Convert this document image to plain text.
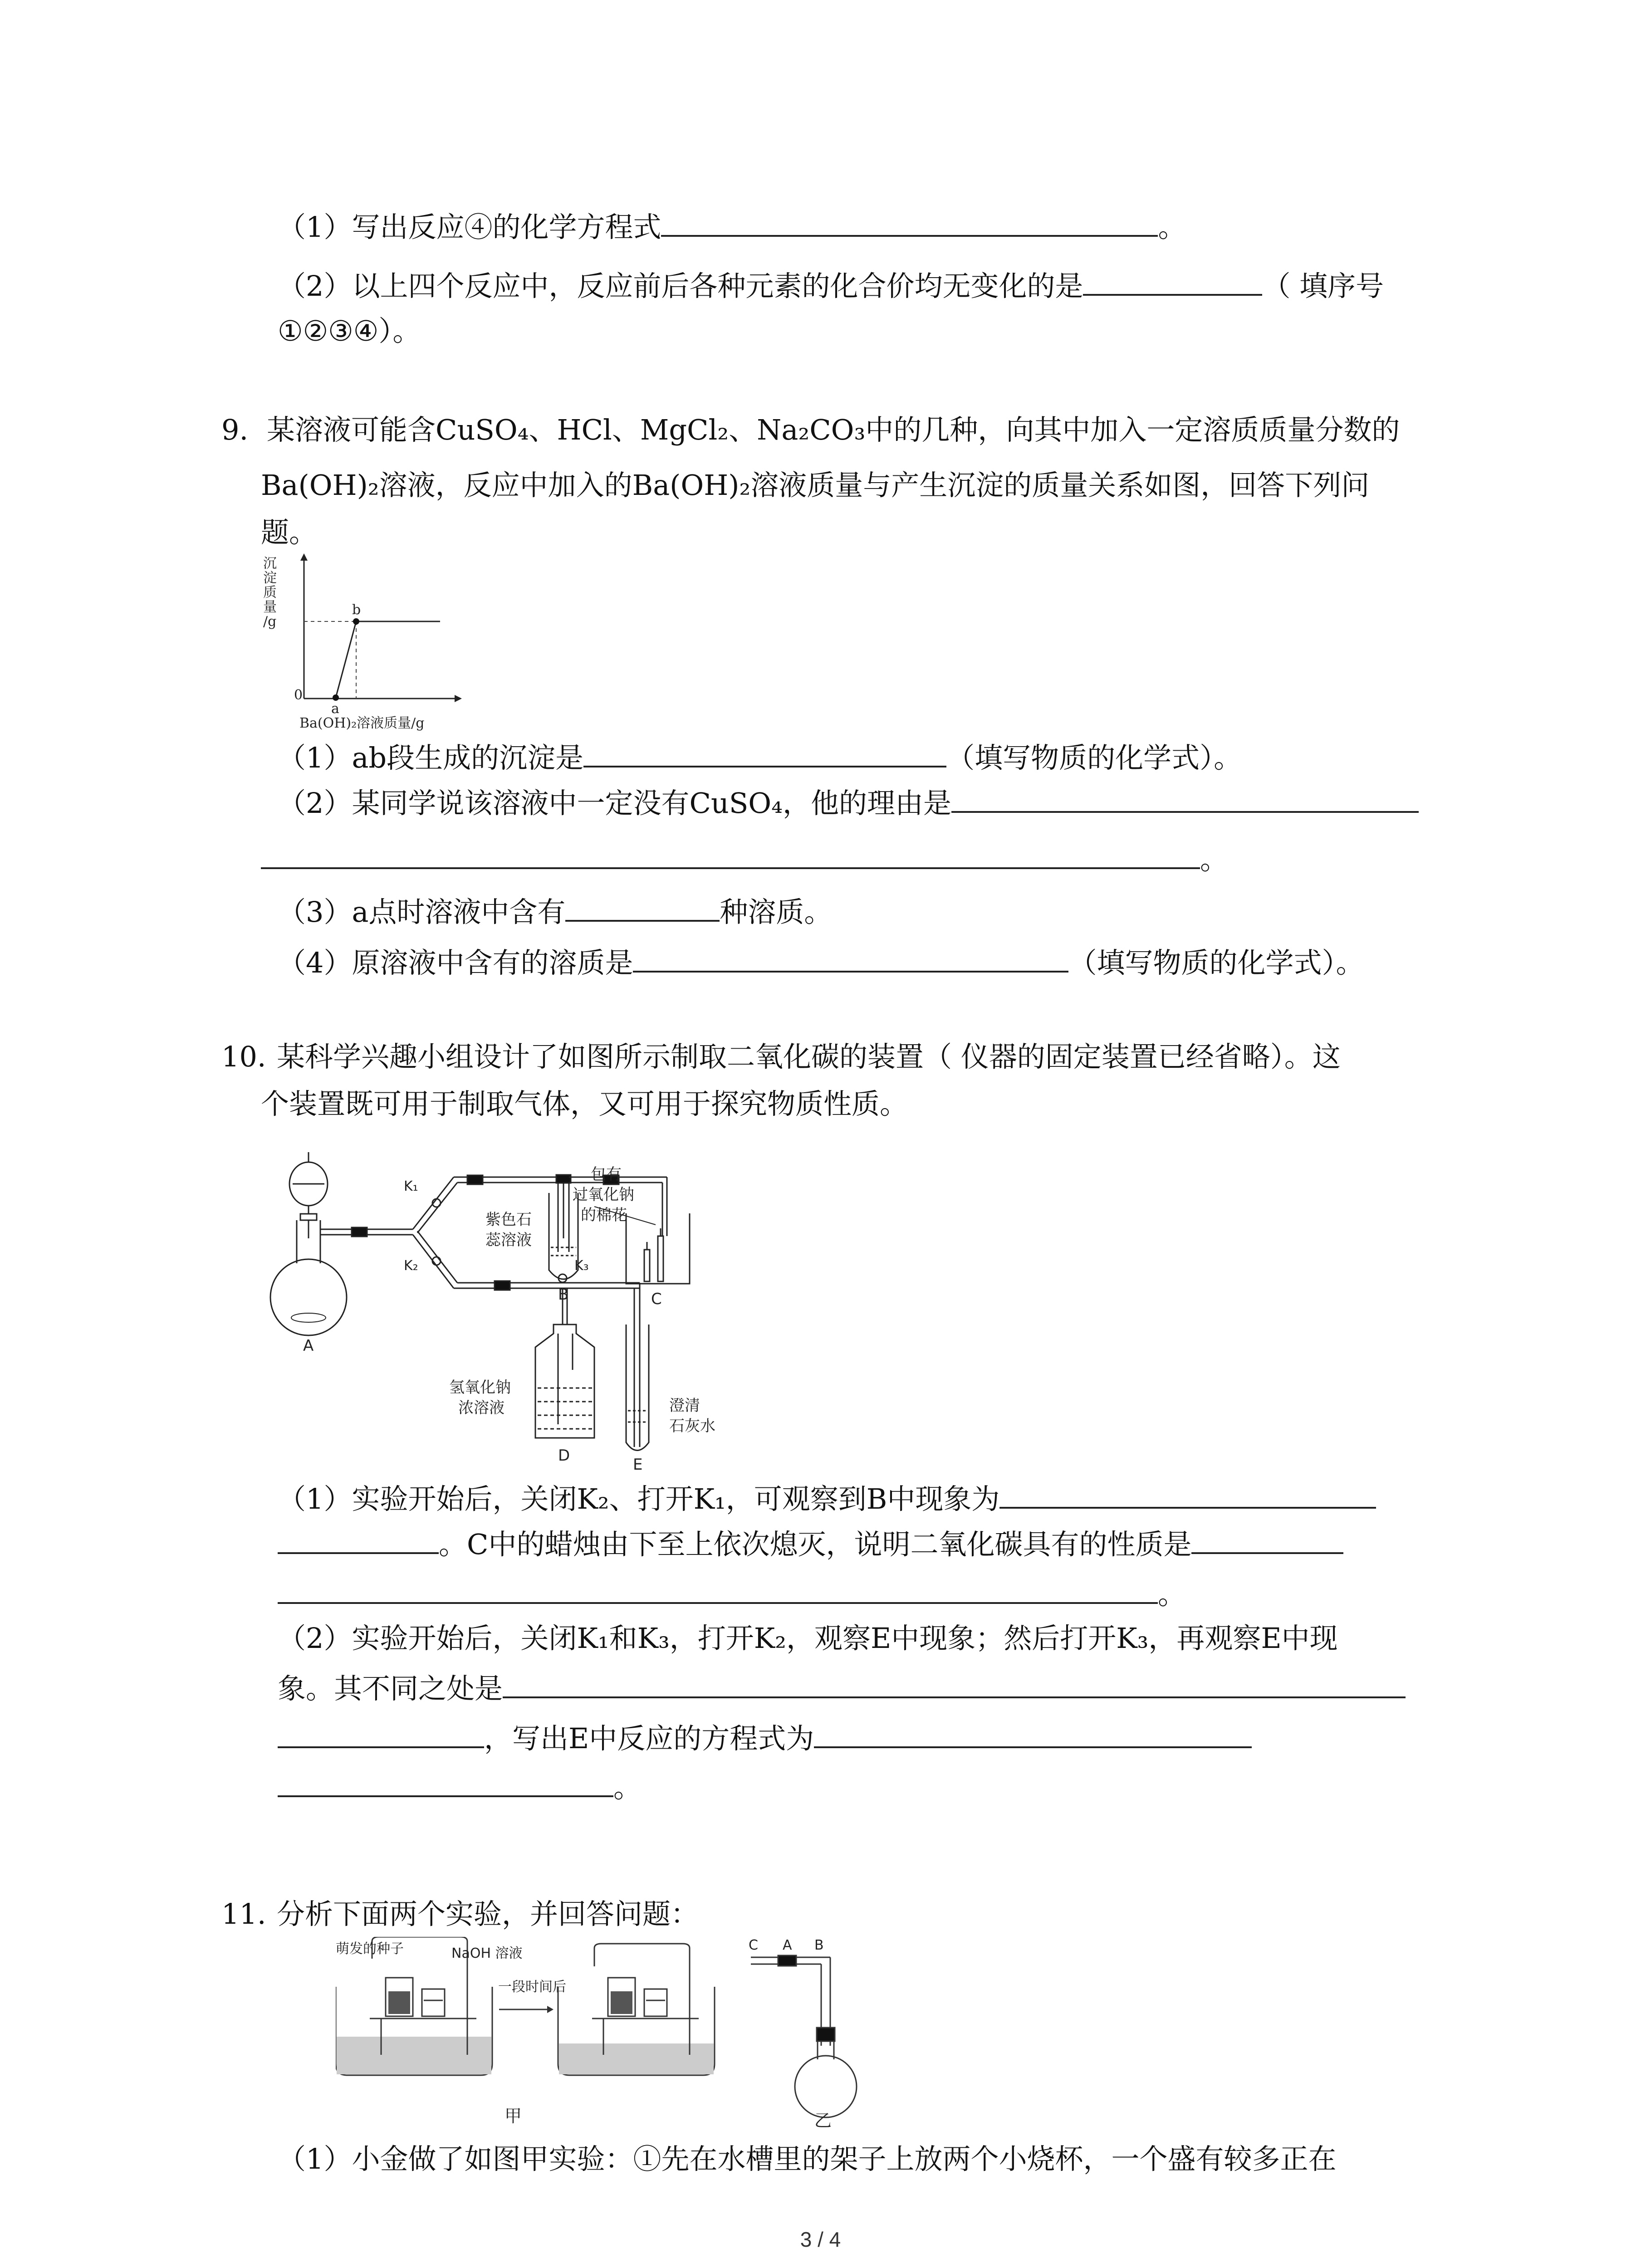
（1）写出反应④的化学方程式	。
（2）以上四个反应中，反应前后各种元素的化合价均无变化的是	（ 填序号
①②③④）。
9. 某溶液可能含CuSO₄、HCl、MgCl₂、Na₂CO₃中的几种，向其中加入一定溶质质量分数的
Ba(OH)₂溶液，反应中加入的Ba(OH)₂溶液质量与产生沉淀的质量关系如图，回答下列问
题。
沉
淀
质
量
/g
0
a
b
Ba(OH)₂溶液质量/g
（1）ab段生成的沉淀是	（填写物质的化学式）。
（2）某同学说该溶液中一定没有CuSO₄，他的理由是
。
（3）a点时溶液中含有	种溶质。
（4）原溶液中含有的溶质是	（填写物质的化学式）。
10. 某科学兴趣小组设计了如图所示制取二氧化碳的装置（ 仪器的固定装置已经省略）。这
个装置既可用于制取气体，又可用于探究物质性质。
A
K₁
K₂
B
紫色石
蕊溶液
C
包有
过氧化钠
的棉花
K₃
D
氢氧化钠
浓溶液
E
澄清
石灰水
（1）实验开始后，关闭K₂、打开K₁，可观察到B中现象为
。C中的蜡烛由下至上依次熄灭，说明二氧化碳具有的性质是
。
（2）实验开始后，关闭K₁和K₃，打开K₂，观察E中现象；然后打开K₃，再观察E中现
象。其不同之处是
，写出E中反应的方程式为
。
11. 分析下面两个实验，并回答问题：
萌发的种子	NaOH 溶液
一段时间后
C A B
甲	乙
（1）小金做了如图甲实验：①先在水槽里的架子上放两个小烧杯，一个盛有较多正在
3 / 4
